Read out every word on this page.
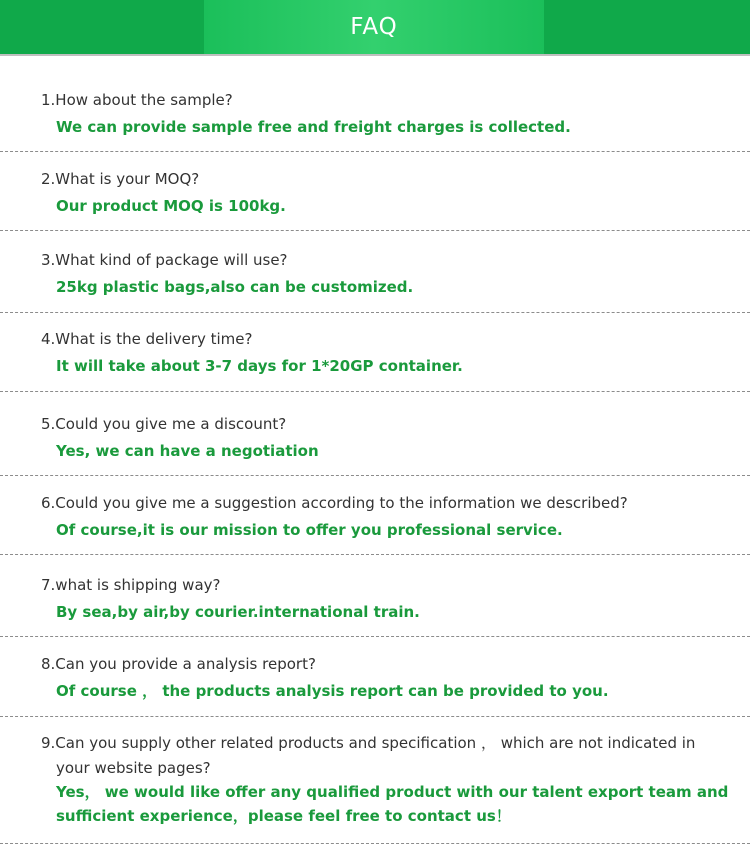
FAQ
1.How about the sample?
We can provide sample free and freight charges is collected.
2.What is your MOQ?
Our product MOQ is 100kg.
3.What kind of package will use?
25kg plastic bags,also can be customized.
4.What is the delivery time?
It will take about 3-7 days for 1*20GP container.
5.Could you give me a discount?
Yes, we can have a negotiation
6.Could you give me a suggestion according to the information we described?
Of course,it is our mission to offer you professional service.
7.what is shipping way?
By sea,by air,by courier.international train.
8.Can you provide a analysis report?
Of course ， the products analysis report can be provided to you.
9.Can you supply other related products and specification ， which are not indicated in
your website pages?
Yes， we would like offer any qualified product with our talent export team and
sufficient experience，please feel free to contact us！
